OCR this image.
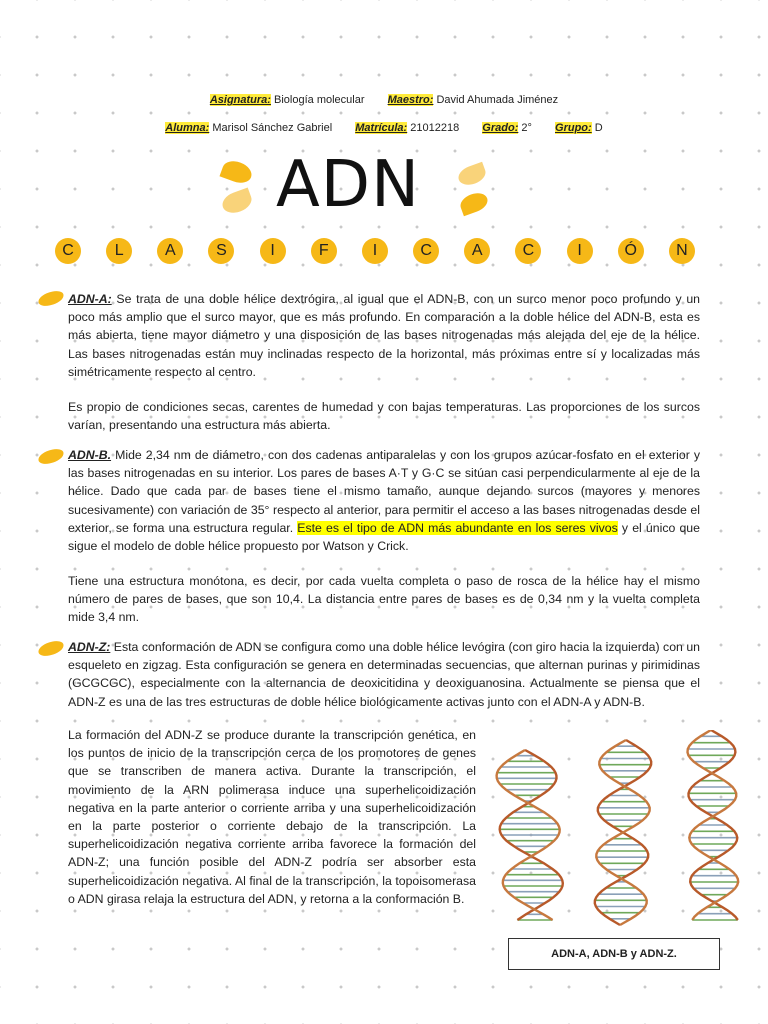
Asignatura: Biología molecular Maestro: David Ahumada Jiménez
Alumna: Marisol Sánchez Gabriel Matrícula: 21012218 Grado: 2° Grupo: D
ADN
C	L	A	S	I	F	I	C	A	C	I	Ó	N
ADN-A: Se trata de una doble hélice dextrógira, al igual que el ADN-B, con un surco menor poco profundo y un poco más amplio que el surco mayor, que es más profundo. En comparación a la doble hélice del ADN-B, esta es más abierta, tiene mayor diámetro y una disposición de las bases nitrogenadas más alejada del eje de la hélice. Las bases nitrogenadas están muy inclinadas respecto de la horizontal, más próximas entre sí y localizadas más simétricamente respecto al centro.
Es propio de condiciones secas, carentes de humedad y con bajas temperaturas. Las proporciones de los surcos varían, presentando una estructura más abierta.
ADN-B. Mide 2,34 nm de diámetro, con dos cadenas antiparalelas y con los grupos azúcar-fosfato en el exterior y las bases nitrogenadas en su interior. Los pares de bases A·T y G·C se sitúan casi perpendicularmente al eje de la hélice. Dado que cada par de bases tiene el mismo tamaño, aunque dejando surcos (mayores y menores sucesivamente) con variación de 35° respecto al anterior, para permitir el acceso a las bases nitrogenadas desde el exterior, se forma una estructura regular. Este es el tipo de ADN más abundante en los seres vivos y el único que sigue el modelo de doble hélice propuesto por Watson y Crick.
Tiene una estructura monótona, es decir, por cada vuelta completa o paso de rosca de la hélice hay el mismo número de pares de bases, que son 10,4. La distancia entre pares de bases es de 0,34 nm y la vuelta completa mide 3,4 nm.
ADN-Z: Esta conformación de ADN se configura como una doble hélice levógira (con giro hacia la izquierda) con un esqueleto en zigzag. Esta configuración se genera en determinadas secuencias, que alternan purinas y pirimidinas (GCGCGC), especialmente con la alternancia de deoxicitidina y deoxiguanosina. Actualmente se piensa que el ADN-Z es una de las tres estructuras de doble hélice biológicamente activas junto con el ADN-A y ADN-B.
La formación del ADN-Z se produce durante la transcripción genética, en los puntos de inicio de la transcripción cerca de los promotores de genes que se transcriben de manera activa. Durante la transcripción, el movimiento de la ARN polimerasa induce una superhelicoidización negativa en la parte anterior o corriente arriba y una superhelicoidización en la parte posterior o corriente debajo de la transcripción. La superhelicoidización negativa corriente arriba favorece la formación del ADN-Z; una función posible del ADN-Z podría ser absorber esta superhelicoidización negativa. Al final de la transcripción, la topoisomerasa o ADN girasa relaja la estructura del ADN, y retorna a la conformación B.
ADN-A, ADN-B y ADN-Z.
